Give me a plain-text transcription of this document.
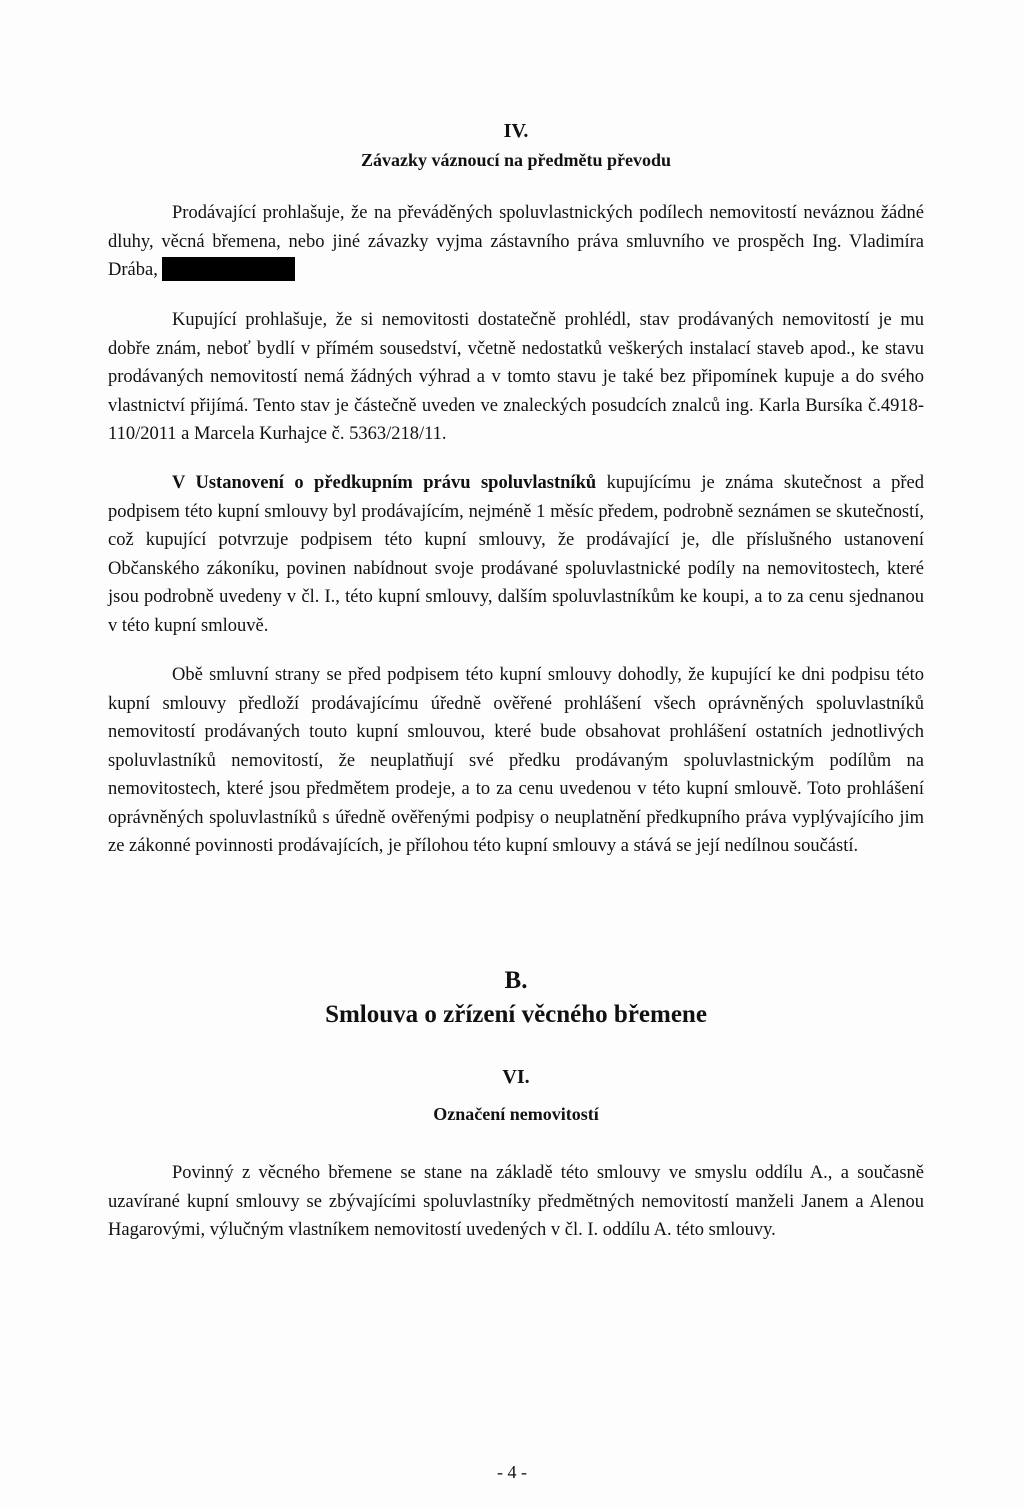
IV.
Závazky váznoucí na předmětu převodu
Prodávající prohlašuje, že na převáděných spoluvlastnických podílech nemovitostí neváznou žádné dluhy, věcná břemena, nebo jiné závazky vyjma zástavního práva smluvního ve prospěch Ing. Vladimíra Drába,
Kupující prohlašuje, že si nemovitosti dostatečně prohlédl, stav prodávaných nemovitostí je mu dobře znám, neboť bydlí v přímém sousedství, včetně nedostatků veškerých instalací staveb apod., ke stavu prodávaných nemovitostí nemá žádných výhrad a v tomto stavu je také bez připomínek kupuje a do svého vlastnictví přijímá. Tento stav je částečně uveden ve znaleckých posudcích znalců ing. Karla Bursíka č.4918-110/2011 a Marcela Kurhajce č. 5363/218/11.
V Ustanovení o předkupním právu spoluvlastníků kupujícímu je známa skutečnost a před podpisem této kupní smlouvy byl prodávajícím, nejméně 1 měsíc předem, podrobně seznámen se skutečností, což kupující potvrzuje podpisem této kupní smlouvy, že prodávající je, dle příslušného ustanovení Občanského zákoníku, povinen nabídnout svoje prodávané spoluvlastnické podíly na nemovitostech, které jsou podrobně uvedeny v čl. I., této kupní smlouvy, dalším spoluvlastníkům ke koupi, a to za cenu sjednanou v této kupní smlouvě.
Obě smluvní strany se před podpisem této kupní smlouvy dohodly, že kupující ke dni podpisu této kupní smlouvy předloží prodávajícímu úředně ověřené prohlášení všech oprávněných spoluvlastníků nemovitostí prodávaných touto kupní smlouvou, které bude obsahovat prohlášení ostatních jednotlivých spoluvlastníků nemovitostí, že neuplatňují své předku prodávaným spoluvlastnickým podílům na nemovitostech, které jsou předmětem prodeje, a to za cenu uvedenou v této kupní smlouvě. Toto prohlášení oprávněných spoluvlastníků s úředně ověřenými podpisy o neuplatnění předkupního práva vyplývajícího jim ze zákonné povinnosti prodávajících, je přílohou této kupní smlouvy a stává se její nedílnou součástí.
B.
Smlouva o zřízení věcného břemene
VI.
Označení nemovitostí
Povinný z věcného břemene se stane na základě této smlouvy ve smyslu oddílu A., a současně uzavírané kupní smlouvy se zbývajícími spoluvlastníky předmětných nemovitostí manželi Janem a Alenou Hagarovými, výlučným vlastníkem nemovitostí uvedených v čl. I. oddílu A. této smlouvy.
- 4 -
